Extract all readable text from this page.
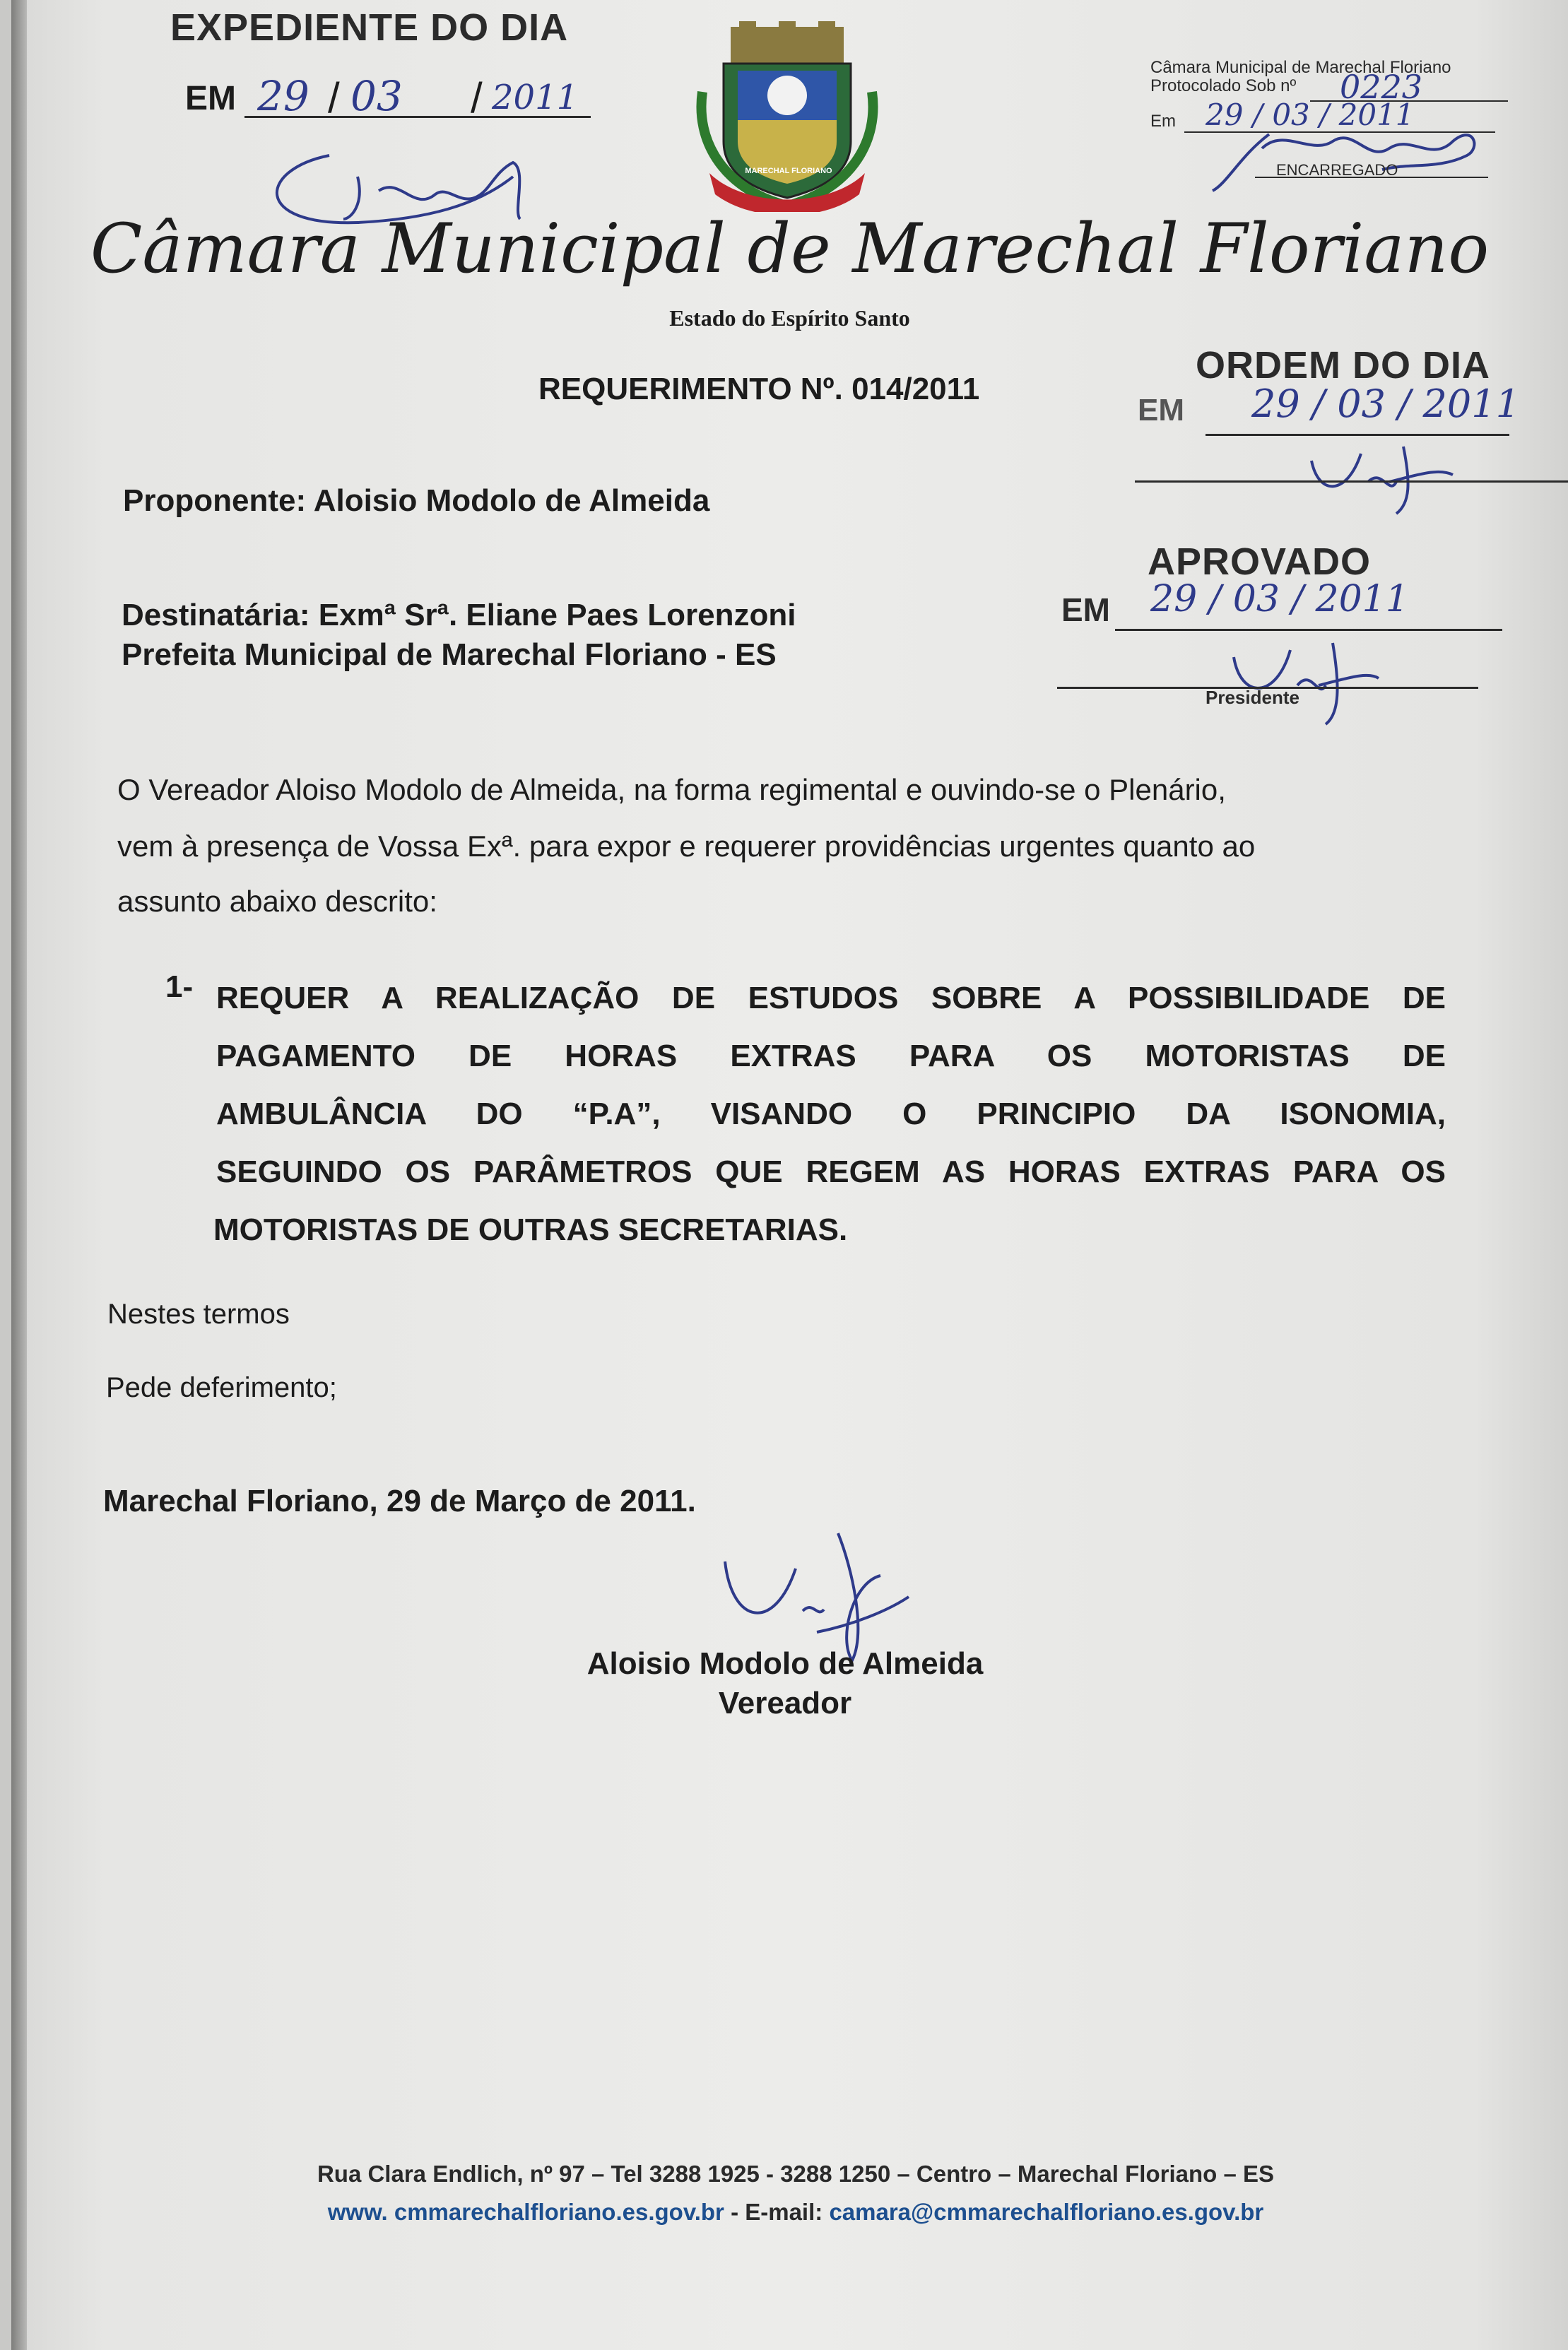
EXPEDIENTE DO DIA
EM 29 / 03 / 2011
MARECHAL FLORIANO
Câmara Municipal de Marechal Floriano
Protocolado Sob nº 0223
Em 29 / 03 / 2011
ENCARREGADO
Câmara Municipal de Marechal Floriano
Estado do Espírito Santo
ORDEM DO DIA
EM 29 / 03 / 2011
REQUERIMENTO Nº. 014/2011
Proponente: Aloisio Modolo de Almeida
APROVADO
EM 29 / 03 / 2011
Presidente
Destinatária: Exmª Srª. Eliane Paes Lorenzoni
Prefeita Municipal de Marechal Floriano - ES
O Vereador Aloiso Modolo de Almeida, na forma regimental e ouvindo-se o Plenário,
vem à presença de Vossa Exª. para expor e requerer providências urgentes quanto ao
assunto abaixo descrito:
1- REQUER A REALIZAÇÃO DE ESTUDOS SOBRE A POSSIBILIDADE DE
PAGAMENTO DE HORAS EXTRAS PARA OS MOTORISTAS DE
AMBULÂNCIA DO “P.A”, VISANDO O PRINCIPIO DA ISONOMIA,
SEGUINDO OS PARÂMETROS QUE REGEM AS HORAS EXTRAS PARA OS
MOTORISTAS DE OUTRAS SECRETARIAS.
Nestes termos
Pede deferimento;
Marechal Floriano, 29 de Março de 2011.
Aloisio Modolo de Almeida
Vereador
Rua Clara Endlich, nº 97 – Tel 3288 1925 - 3288 1250 – Centro – Marechal Floriano – ES
www. cmmarechalfloriano.es.gov.br - E-mail: camara@cmmarechalfloriano.es.gov.br
